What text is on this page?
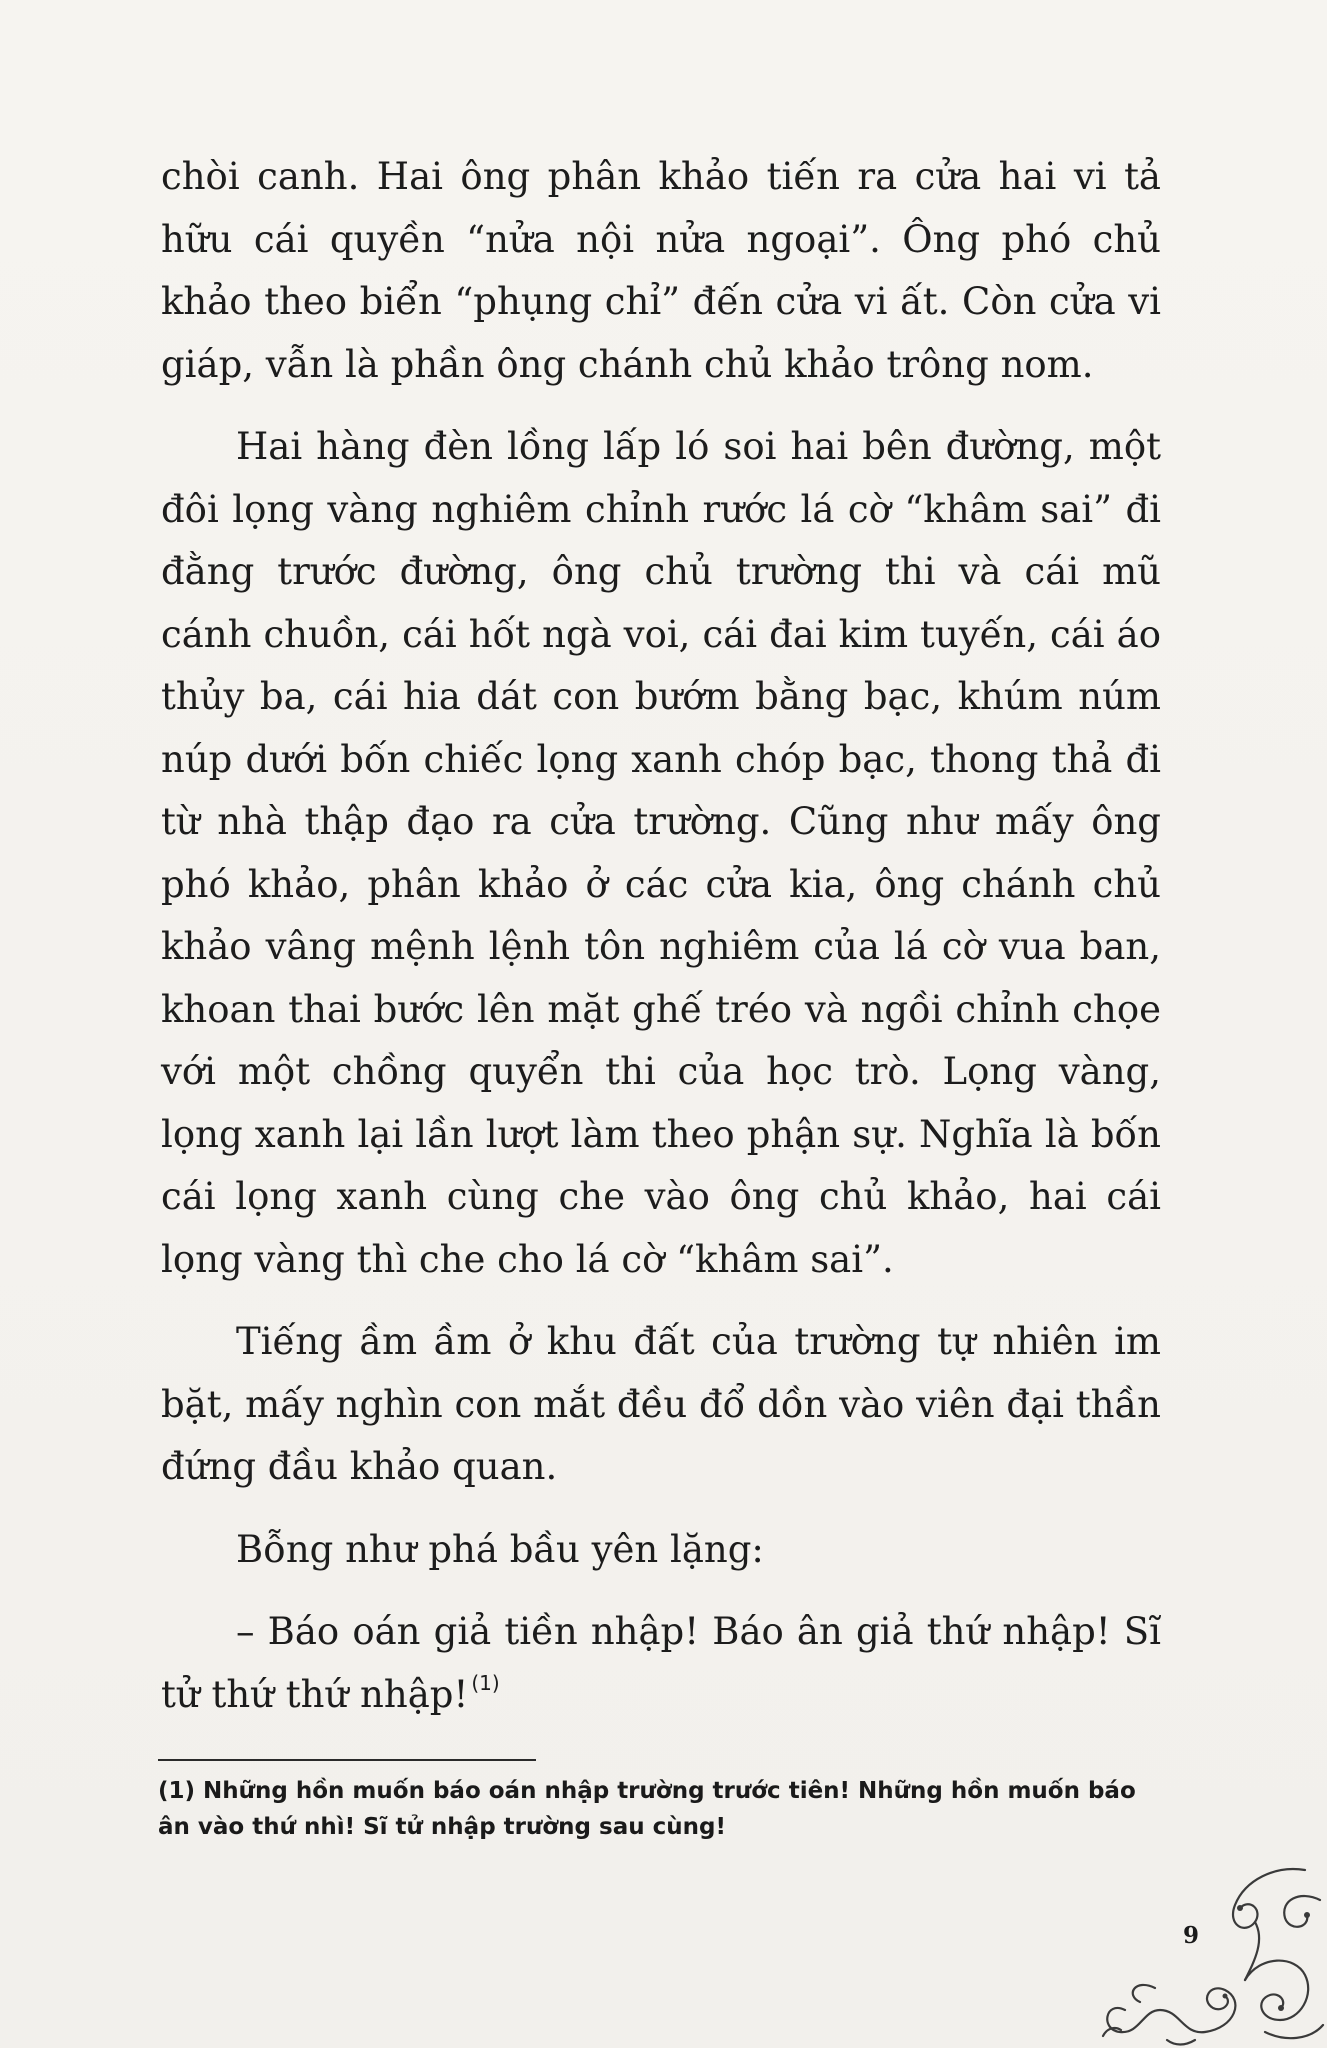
chòi canh. Hai ông phân khảo tiến ra cửa hai vi tả hữu cái quyền “nửa nội nửa ngoại”. Ông phó chủ khảo theo biển “phụng chỉ” đến cửa vi ất. Còn cửa vi giáp, vẫn là phần ông chánh chủ khảo trông nom.

Hai hàng đèn lồng lấp ló soi hai bên đường, một đôi lọng vàng nghiêm chỉnh rước lá cờ “khâm sai” đi đằng trước đường, ông chủ trường thi và cái mũ cánh chuồn, cái hốt ngà voi, cái đai kim tuyến, cái áo thủy ba, cái hia dát con bướm bằng bạc, khúm núm núp dưới bốn chiếc lọng xanh chóp bạc, thong thả đi từ nhà thập đạo ra cửa trường. Cũng như mấy ông phó khảo, phân khảo ở các cửa kia, ông chánh chủ khảo vâng mệnh lệnh tôn nghiêm của lá cờ vua ban, khoan thai bước lên mặt ghế tréo và ngồi chỉnh chọe với một chồng quyển thi của học trò. Lọng vàng, lọng xanh lại lần lượt làm theo phận sự. Nghĩa là bốn cái lọng xanh cùng che vào ông chủ khảo, hai cái lọng vàng thì che cho lá cờ “khâm sai”.

Tiếng ầm ầm ở khu đất của trường tự nhiên im bặt, mấy nghìn con mắt đều đổ dồn vào viên đại thần đứng đầu khảo quan.

Bỗng như phá bầu yên lặng:

– Báo oán giả tiền nhập! Báo ân giả thứ nhập! Sĩ tử thứ thứ nhập! $^{(1)}$

(1) Những hồn muốn báo oán nhập trường trước tiên! Những hồn muốn báo ân vào thứ nhì! Sĩ tử nhập trường sau cùng!
9
